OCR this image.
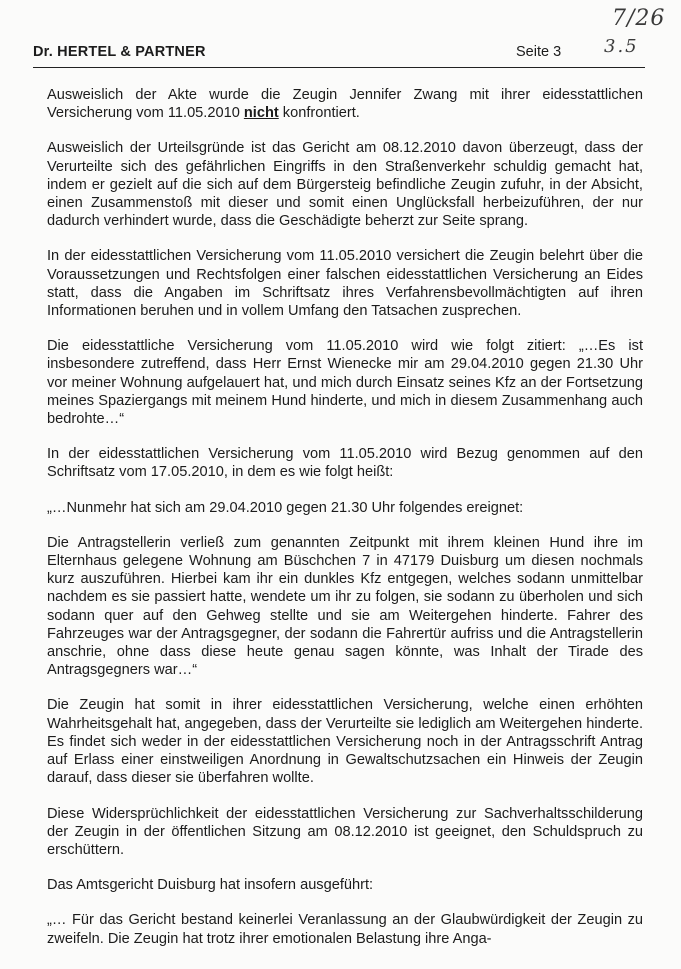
7/26
3.5
Dr. HERTEL & PARTNER	Seite 3

Ausweislich der Akte wurde die Zeugin Jennifer Zwang mit ihrer eidesstattlichen Versicherung vom 11.05.2010 nicht konfrontiert.

Ausweislich der Urteilsgründe ist das Gericht am 08.12.2010 davon überzeugt, dass der Verurteilte sich des gefährlichen Eingriffs in den Straßenverkehr schuldig gemacht hat, indem er gezielt auf die sich auf dem Bürgersteig befindliche Zeugin zufuhr, in der Absicht, einen Zusammenstoß mit dieser und somit einen Unglücksfall herbeizuführen, der nur dadurch verhindert wurde, dass die Geschädigte beherzt zur Seite sprang.

In der eidesstattlichen Versicherung vom 11.05.2010 versichert die Zeugin belehrt über die Voraussetzungen und Rechtsfolgen einer falschen eidesstattlichen Versicherung an Eides statt, dass die Angaben im Schriftsatz ihres Verfahrensbevollmächtigten auf ihren Informationen beruhen und in vollem Umfang den Tatsachen zusprechen.

Die eidesstattliche Versicherung vom 11.05.2010 wird wie folgt zitiert: „…Es ist insbesondere zutreffend, dass Herr Ernst Wienecke mir am 29.04.2010 gegen 21.30 Uhr vor meiner Wohnung aufgelauert hat, und mich durch Einsatz seines Kfz an der Fortsetzung meines Spaziergangs mit meinem Hund hinderte, und mich in diesem Zusammenhang auch bedrohte…“

In der eidesstattlichen Versicherung vom 11.05.2010 wird Bezug genommen auf den Schriftsatz vom 17.05.2010, in dem es wie folgt heißt:

„…Nunmehr hat sich am 29.04.2010 gegen 21.30 Uhr folgendes ereignet:

Die Antragstellerin verließ zum genannten Zeitpunkt mit ihrem kleinen Hund ihre im Elternhaus gelegene Wohnung am Büschchen 7 in 47179 Duisburg um diesen nochmals kurz auszuführen. Hierbei kam ihr ein dunkles Kfz entgegen, welches sodann unmittelbar nachdem es sie passiert hatte, wendete um ihr zu folgen, sie sodann zu überholen und sich sodann quer auf den Gehweg stellte und sie am Weitergehen hinderte. Fahrer des Fahrzeuges war der Antragsgegner, der sodann die Fahrertür aufriss und die Antragstellerin anschrie, ohne dass diese heute genau sagen könnte, was Inhalt der Tirade des Antragsgegners war…“

Die Zeugin hat somit in ihrer eidesstattlichen Versicherung, welche einen erhöhten Wahrheitsgehalt hat, angegeben, dass der Verurteilte sie lediglich am Weitergehen hinderte. Es findet sich weder in der eidesstattlichen Versicherung noch in der Antragsschrift Antrag auf Erlass einer einstweiligen Anordnung in Gewaltschutzsachen ein Hinweis der Zeugin darauf, dass dieser sie überfahren wollte.

Diese Widersprüchlichkeit der eidesstattlichen Versicherung zur Sachverhaltsschilderung der Zeugin in der öffentlichen Sitzung am 08.12.2010 ist geeignet, den Schuldspruch zu erschüttern.

Das Amtsgericht Duisburg hat insofern ausgeführt:

„… Für das Gericht bestand keinerlei Veranlassung an der Glaubwürdigkeit der Zeugin zu zweifeln. Die Zeugin hat trotz ihrer emotionalen Belastung ihre Anga-
